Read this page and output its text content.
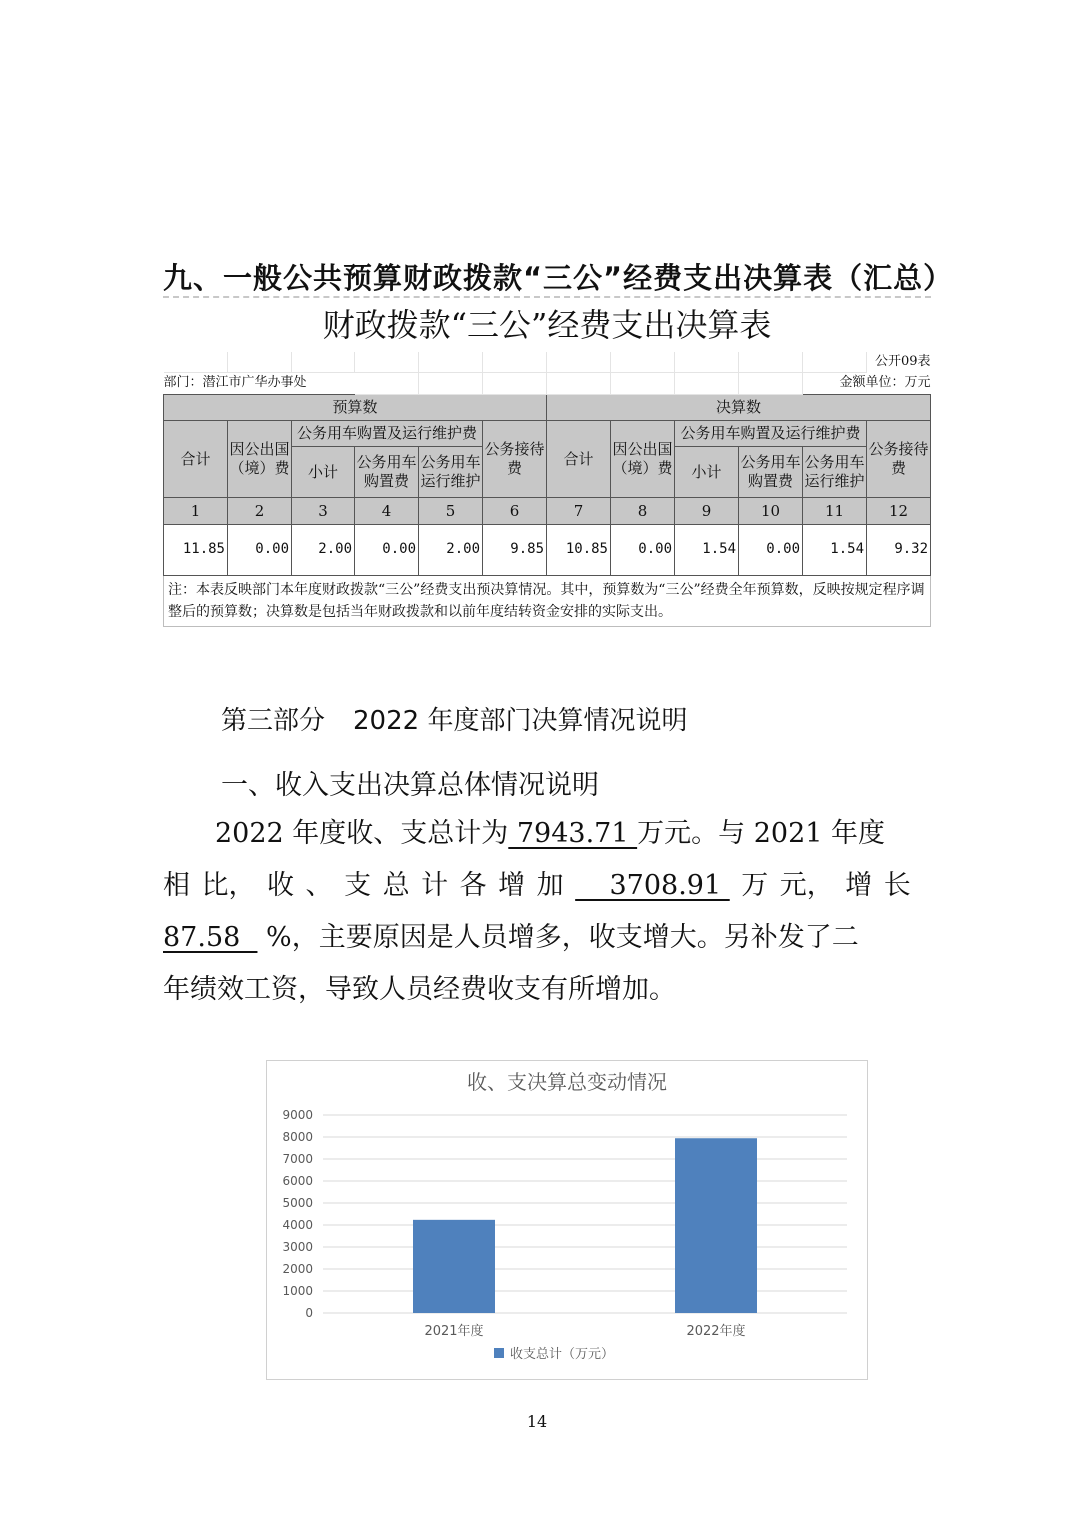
九、一般公共预算财政拨款“三公”经费支出决算表（汇总）
财政拨款“三公”经费支出决算表											
											公开09表
部门：潜江市广华办事处										金额单位：万元	
预算数						决算数					
合计	因公出国（境）费	公务用车购置及运行维护费			公务接待费	合计	因公出国（境）费	公务用车购置及运行维护费			公务接待费
		小计	公务用车购置费	公务用车运行维护				小计	公务用车购置费	公务用车运行维护	
1	2	3	4	5	6	7	8	9	10	11	12
11.85	0.00	2.00	0.00	2.00	9.85	10.85	0.00	1.54	0.00	1.54	9.32
注：本表反映部门本年度财政拨款“三公”经费支出预决算情况。其中，预算数为“三公”经费全年预算数，反映按规定程序调整后的预算数；决算数是包括当年财政拨款和以前年度结转资金安排的实际支出。											
第三部分 2022 年度部门决算情况说明
一、收入支出决算总体情况说明
2022 年度收、支总计为 7943.71 万元。与 2021 年度
相 比， 收 、 支 总 计 各 增 加 3708.91 万 元， 增 长
87.58   %，主要原因是人员增多，收支增大。另补发了二
年绩效工资，导致人员经费收支有所增加。
收、支决算总变动情况
0
1000
2000
3000
4000
5000
6000
7000
8000
9000
2021年度	2022年度
收支总计（万元）
14
